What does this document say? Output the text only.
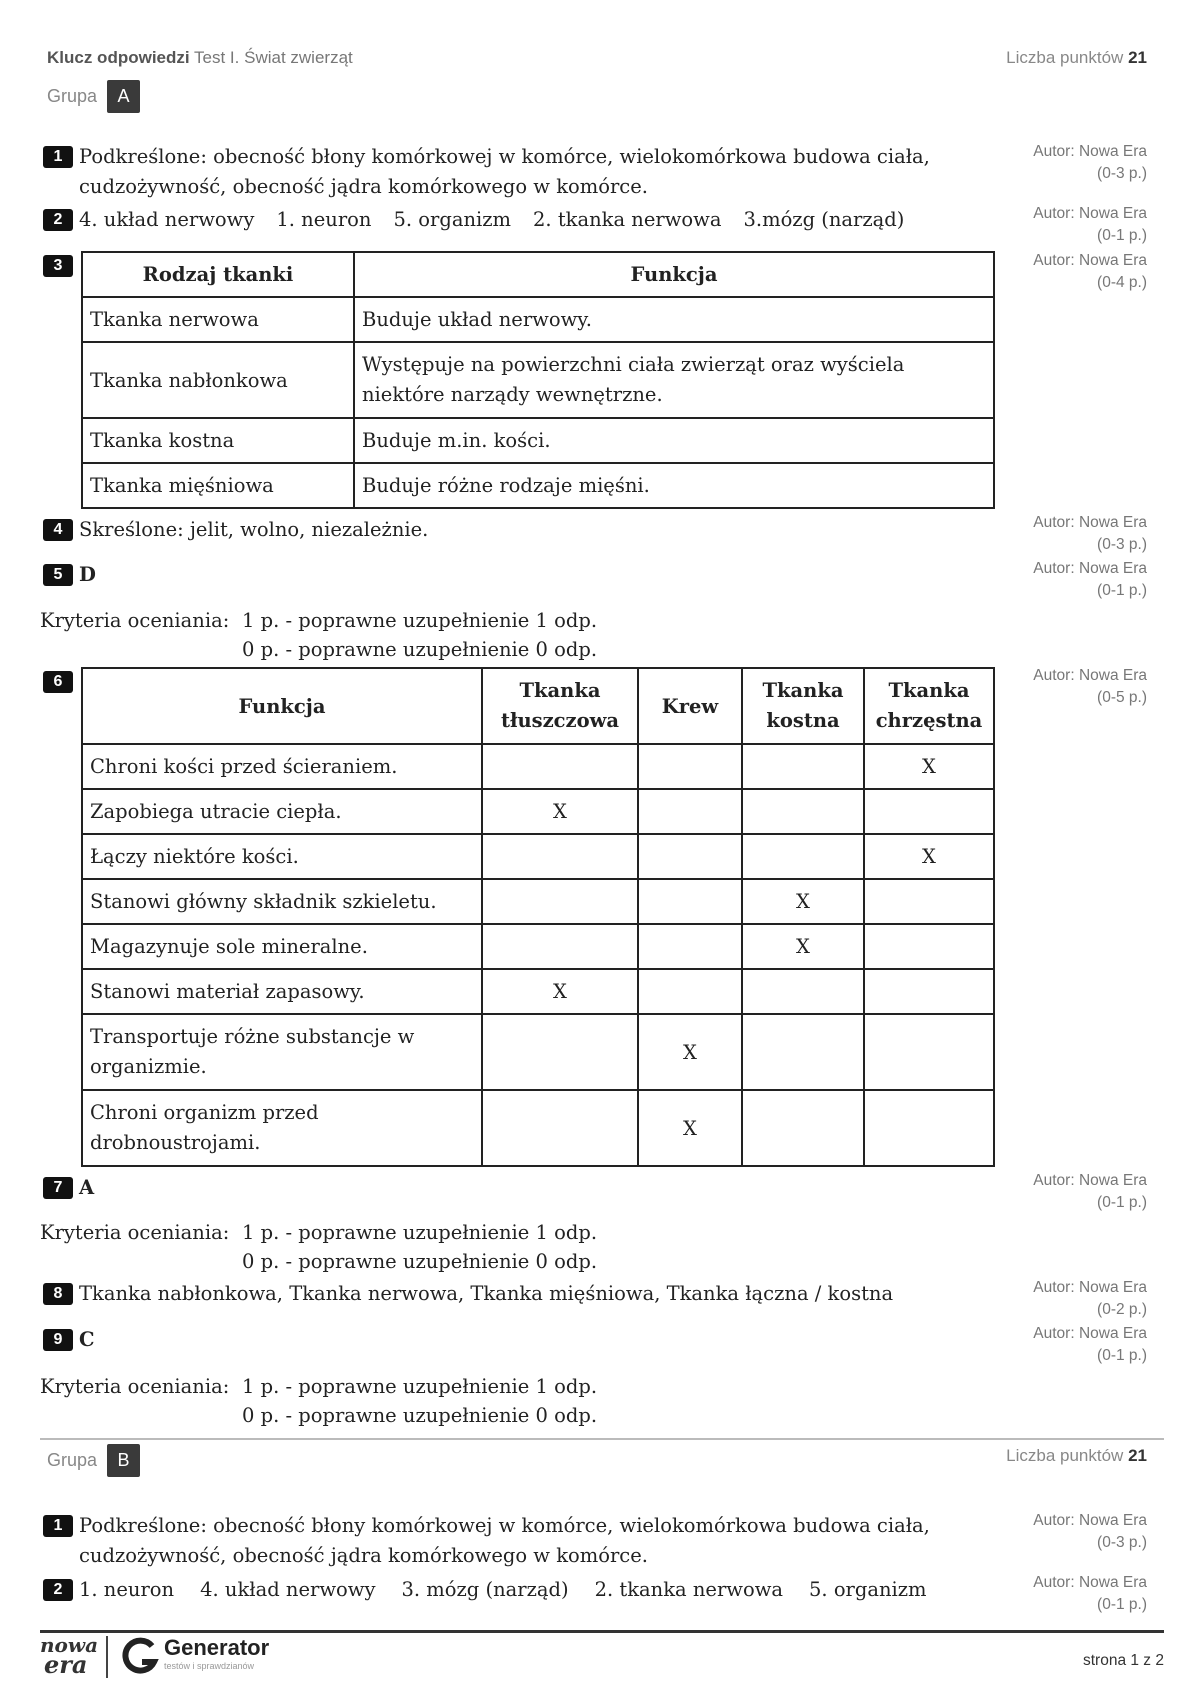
Klucz odpowiedzi Test I. Świat zwierząt	Liczba punktów 21
Grupa	A
1 Podkreślone: obecność błony komórkowej w komórce, wielokomórkowa budowa ciała,
cudzożywność, obecność jądra komórkowego w komórce.
Autor: Nowa Era
(0-3 p.)
2 4. układ nerwowy 1. neuron 5. organizm 2. tkanka nerwowa 3.mózg (narząd)	Autor: Nowa Era
(0-1 p.)
3	Rodzaj tkanki	Funkcja
Tkanka nerwowa	Buduje układ nerwowy.
Tkanka nabłonkowa	Występuje na powierzchni ciała zwierząt oraz wyściela niektóre narządy wewnętrzne.
Tkanka kostna	Buduje m.in. kości.
Tkanka mięśniowa	Buduje różne rodzaje mięśni.
Autor: Nowa Era
(0-4 p.)
4 Skreślone: jelit, wolno, niezależnie.	Autor: Nowa Era
(0-3 p.)
5 D	Autor: Nowa Era
(0-1 p.)
Kryteria oceniania: 1 p. - poprawne uzupełnienie 1 odp.
0 p. - poprawne uzupełnienie 0 odp.
6
Funkcja	Tkanka tłuszczowa	Krew	Tkanka kostna	Tkanka chrzęstna
Chroni kości przed ścieraniem.				X
Zapobiega utracie ciepła.	X			
Łączy niektóre kości.				X
Stanowi główny składnik szkieletu.			X	
Magazynuje sole mineralne.			X	
Stanowi materiał zapasowy.	X			
Transportuje różne substancje w organizmie.		X		
Chroni organizm przed drobnoustrojami.		X		
Autor: Nowa Era
(0-5 p.)
7 A	Autor: Nowa Era
(0-1 p.)
Kryteria oceniania: 1 p. - poprawne uzupełnienie 1 odp.
0 p. - poprawne uzupełnienie 0 odp.
8 Tkanka nabłonkowa, Tkanka nerwowa, Tkanka mięśniowa, Tkanka łączna / kostna	Autor: Nowa Era
(0-2 p.)
9 C	Autor: Nowa Era
(0-1 p.)
Kryteria oceniania: 1 p. - poprawne uzupełnienie 1 odp.
0 p. - poprawne uzupełnienie 0 odp.
Grupa	B	Liczba punktów 21
1 Podkreślone: obecność błony komórkowej w komórce, wielokomórkowa budowa ciała,
cudzożywność, obecność jądra komórkowego w komórce.
Autor: Nowa Era
(0-3 p.)
2 1. neuron 4. układ nerwowy 3. mózg (narząd) 2. tkanka nerwowa 5. organizm	Autor: Nowa Era
(0-1 p.)
nowa
era
Generator
testów i sprawdzianów	strona 1 z 2
